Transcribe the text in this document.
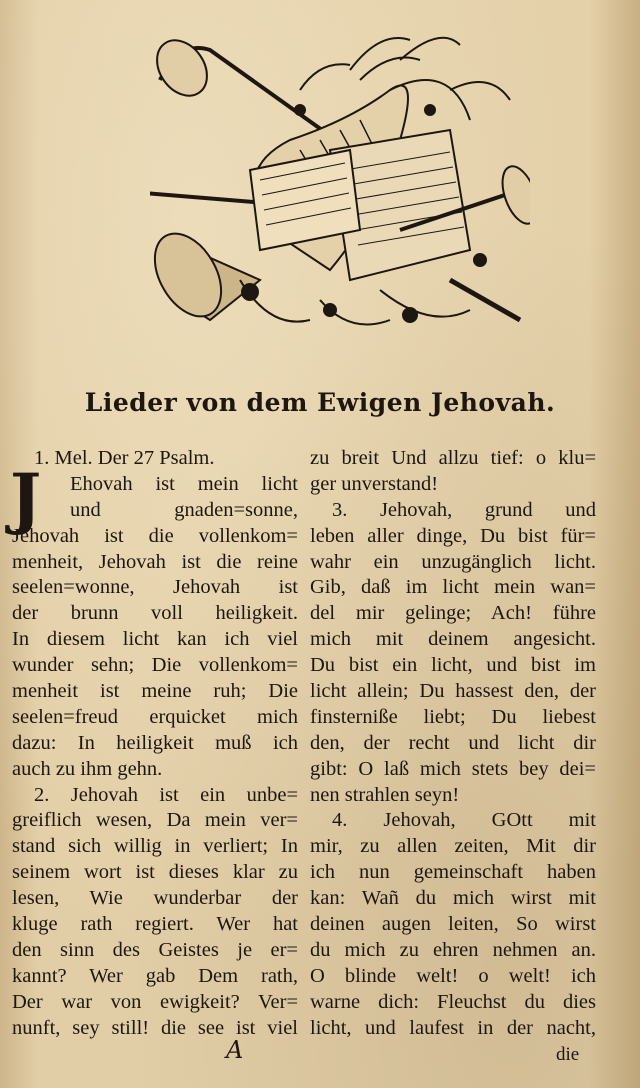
Lieder von dem Ewigen Jehovah.
1. Mel. Der 27 Psalm.
J	Ehovah ist mein licht
und gnaden=sonne,
Jehovah ist die vollenkom=
menheit, Jehovah ist die reine
seelen=wonne, Jehovah ist
der brunn voll heiligkeit.
In diesem licht kan ich viel
wunder sehn; Die vollenkom=
menheit ist meine ruh; Die
seelen=freud erquicket mich
dazu: In heiligkeit muß ich
auch zu ihm gehn.
2. Jehovah ist ein unbe=
greiflich wesen, Da mein ver=
stand sich willig in verliert; In
seinem wort ist dieses klar zu
lesen, Wie wunderbar der
kluge rath regiert. Wer hat
den sinn des Geistes je er=
kannt? Wer gab Dem rath,
Der war von ewigkeit? Ver=
nunft, sey still! die see ist viel
zu breit Und allzu tief: o klu=
ger unverstand!
3. Jehovah, grund und
leben aller dinge, Du bist für=
wahr ein unzugänglich licht.
Gib, daß im licht mein wan=
del mir gelinge; Ach! führe
mich mit deinem angesicht.
Du bist ein licht, und bist im
licht allein; Du hassest den, der
finsterniße liebt; Du liebest
den, der recht und licht dir
gibt: O laß mich stets bey dei=
nen strahlen seyn!
4. Jehovah, GOtt mit
mir, zu allen zeiten, Mit dir
ich nun gemeinschaft haben
kan: Wañ du mich wirst mit
deinen augen leiten, So wirst
du mich zu ehren nehmen an.
O blinde welt! o welt! ich
warne dich: Fleuchst du dies
licht, und laufest in der nacht,
A	die
